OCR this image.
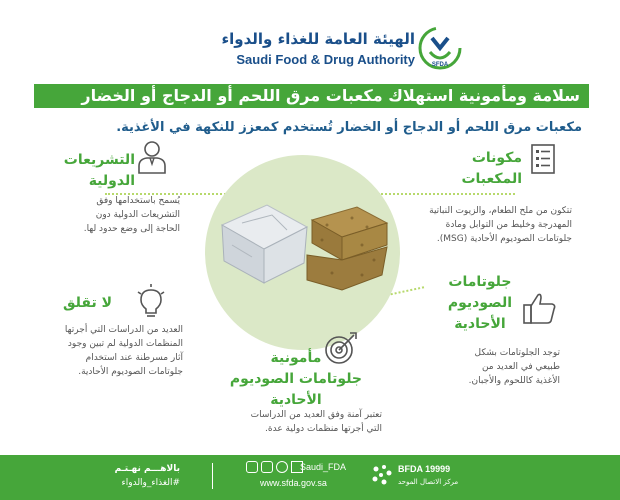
الهيئة العامة للغذاء والدواء
Saudi Food & Drug Authority	SFDA
سلامة ومأمونية استهلاك مكعبات مرق اللحم أو الدجاج أو الخضار
مكعبات مرق اللحم أو الدجاج أو الخضار تُستخدم كمعزز للنكهة في الأغذية.
مكونات
المكعبات
تتكون من ملح الطعام، والزيوت النباتية
المهدرجة وخليط من التوابل ومادة
جلوتامات الصوديوم الأحادية (MSG).
جلوتامات
الصوديوم
الأحادية
توجد الجلوتامات بشكل
طبيعي في العديد من
الأغذية كاللحوم والأجبان.
مأمونية
جلوتامات الصوديوم
الأحادية
تعتبر آمنة وفق العديد من الدراسات
التي أجرتها منظمات دولية عدة.
لا تقلق
العديد من الدراسات التي أجرتها
المنظمات الدولية لم تبين وجود
آثار مسرطنة عند استخدام
جلوتامات الصوديوم الأحادية.
التشريعات
الدولية
يُسمح باستخدامها وفق
التشريعات الدولية دون
الحاجة إلى وضع حدود لها.
بالاهـــم نهـتـم
#الغذاء_والدواء
Saudi_FDA
www.sfda.gov.sa
BFDA 19999
مركز الاتصال الموحد
